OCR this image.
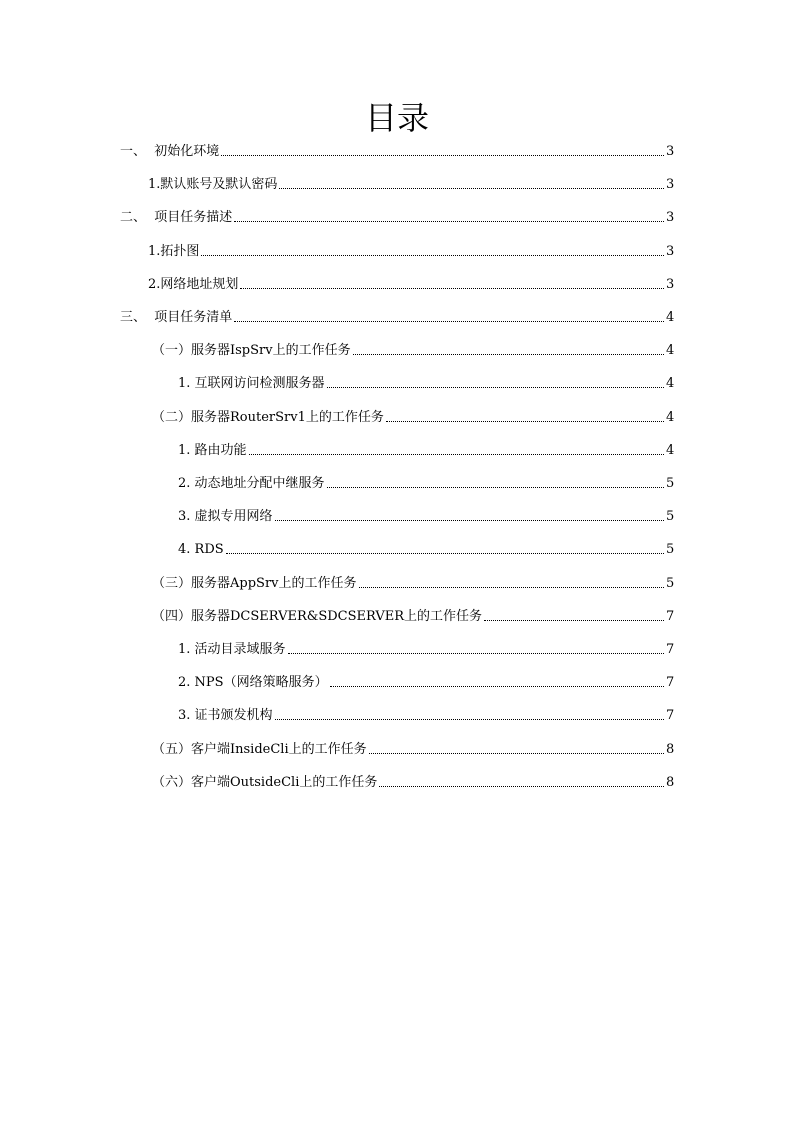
目录
一、  初始化环境	3
1.默认账号及默认密码	3
二、  项目任务描述	3
1.拓扑图	3
2.网络地址规划	3
三、  项目任务清单	4
（一）服务器IspSrv上的工作任务	4
1. 互联网访问检测服务器	4
（二）服务器RouterSrv1上的工作任务	4
1. 路由功能	4
2. 动态地址分配中继服务	5
3. 虚拟专用网络	5
4. RDS	5
（三）服务器AppSrv上的工作任务	5
（四）服务器DCSERVER&SDCSERVER上的工作任务	7
1. 活动目录域服务	7
2. NPS（网络策略服务）	7
3. 证书颁发机构	7
（五）客户端InsideCli上的工作任务	8
（六）客户端OutsideCli上的工作任务	8
